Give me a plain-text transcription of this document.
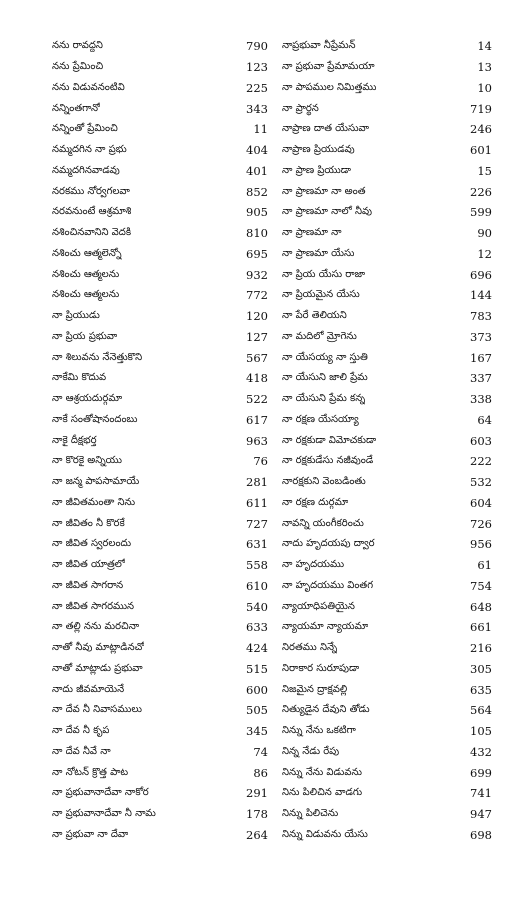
నను రావద్దని	790
నను ప్రేమించి	123
నను విడువనంటివి	225
నన్నింతగానో	343
నన్నింతో ప్రేమించి	11
నమ్మదగిన నా ప్రభు	404
నమ్మదగినవాడవు	401
నరకము నోర్వగలవా	852
నరవనుంటే ఆశ్రమాశి	905
నశించినవానిని వెదకి	810
నశించు ఆత్మలెన్నో	695
నశించు ఆత్మలను	932
నశించు ఆత్మలను	772
నా ప్రియుడు	120
నా ప్రియ ప్రభువా	127
నా శిలువను నేనెత్తుకొని	567
నాకేమి కొదువ	418
నా ఆశ్రయదుర్గమా	522
నాకే సంతోషానందంబు	617
నాకై దీక్షభర్త	963
నా కొరకై అన్నియు	76
నా జన్మ పాపసామాయే	281
నా జీవితమంతా నిను	611
నా జీవితం నీ కొరకే	727
నా జీవిత స్వరలందు	631
నా జీవిత యాత్రలో	558
నా జీవిత సాగరాన	610
నా జీవిత సాగరమున	540
నా తల్లి నను మరచినా	633
నాతో నీవు మాట్లాడినచో	424
నాతో మాట్లాడు ప్రభువా	515
నాదు జీవమాయెనే	600
నా దేవ నీ నివాసములు	505
నా దేవ నీ కృప	345
నా దేవ నీవే నా	74
నా నోటన్ క్రొత్త పాట	86
నా ప్రభువానాదేవా నాకోర	291
నా ప్రభువానాదేవా నీ నామ	178
నా ప్రభువా నా దేవా	264
నాప్రభువా నీప్రేమన్	14
నా ప్రభువా ప్రేమామయా	13
నా పాపముల నిమిత్తము	10
నా ప్రార్థన	719
నాప్రాణ దాత యేసువా	246
నాప్రాణ ప్రియుడవు	601
నా ప్రాణ ప్రియుడా	15
నా ప్రాణమా నా అంత	226
నా ప్రాణమా నాలో నీవు	599
నా ప్రాణమా నా	90
నా ప్రాణమా యేసు	12
నా ప్రియ యేసు రాజా	696
నా ప్రియమైన యేసు	144
నా పేరే తెలియని	783
నా మదిలో మ్రోగెను	373
నా యేసయ్య నా స్తుతి	167
నా యేసుని జాలి ప్రేమ	337
నా యేసుని ప్రేమ కన్న	338
నా రక్షణ యేసయ్యా	64
నా రక్షకుడా విమోచకుడా	603
నా రక్షకుడేసు నజీవుండే	222
నారక్షకుని వెంబడింతు	532
నా రక్షణ దుర్గమా	604
నావన్ని యంగీకరించు	726
నాదు హృదయపు ద్వార	956
నా హృదయము	61
నా హృదయము వింతగ	754
న్యాయాధిపతియైన	648
న్యాయమా న్యాయమా	661
నిరతము నిన్నే	216
నిరాకార సురూపుడా	305
నిజమైన ద్రాక్షవల్లి	635
నిత్యుడైన దేవుని తోడు	564
నిన్ను నేను ఒకటిగా	105
నిన్న నేడు రేపు	432
నిన్ను నేను విడువను	699
నిను పిలిచిన వాడగు	741
నిన్ను పిలిచెను	947
నిన్ను విడువను యేసు	698
